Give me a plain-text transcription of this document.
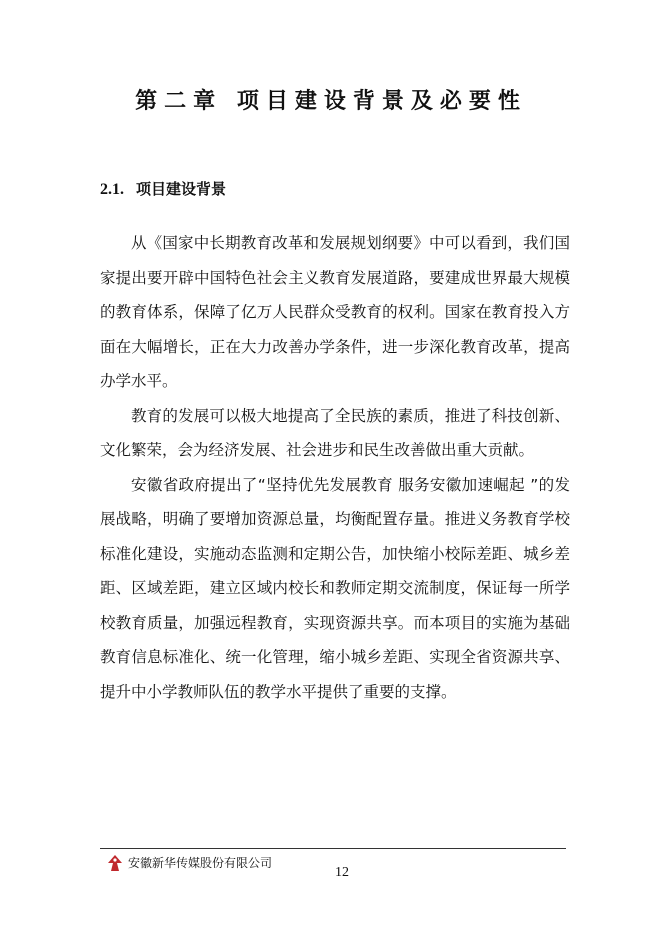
第二章 项目建设背景及必要性
2.1. 项目建设背景

从《国家中长期教育改革和发展规划纲要》中可以看到，我们国家提出要开辟中国特色社会主义教育发展道路，要建成世界最大规模的教育体系，保障了亿万人民群众受教育的权利。国家在教育投入方面在大幅增长，正在大力改善办学条件，进一步深化教育改革，提高办学水平。

教育的发展可以极大地提高了全民族的素质，推进了科技创新、文化繁荣，会为经济发展、社会进步和民生改善做出重大贡献。

安徽省政府提出了“坚持优先发展教育 服务安徽加速崛起 ”的发展战略，明确了要增加资源总量，均衡配置存量。推进义务教育学校标准化建设，实施动态监测和定期公告，加快缩小校际差距、城乡差距、区域差距，建立区域内校长和教师定期交流制度，保证每一所学校教育质量，加强远程教育，实现资源共享。而本项目的实施为基础教育信息标准化、统一化管理，缩小城乡差距、实现全省资源共享、提升中小学教师队伍的教学水平提供了重要的支撑。

安徽新华传媒股份有限公司
12
